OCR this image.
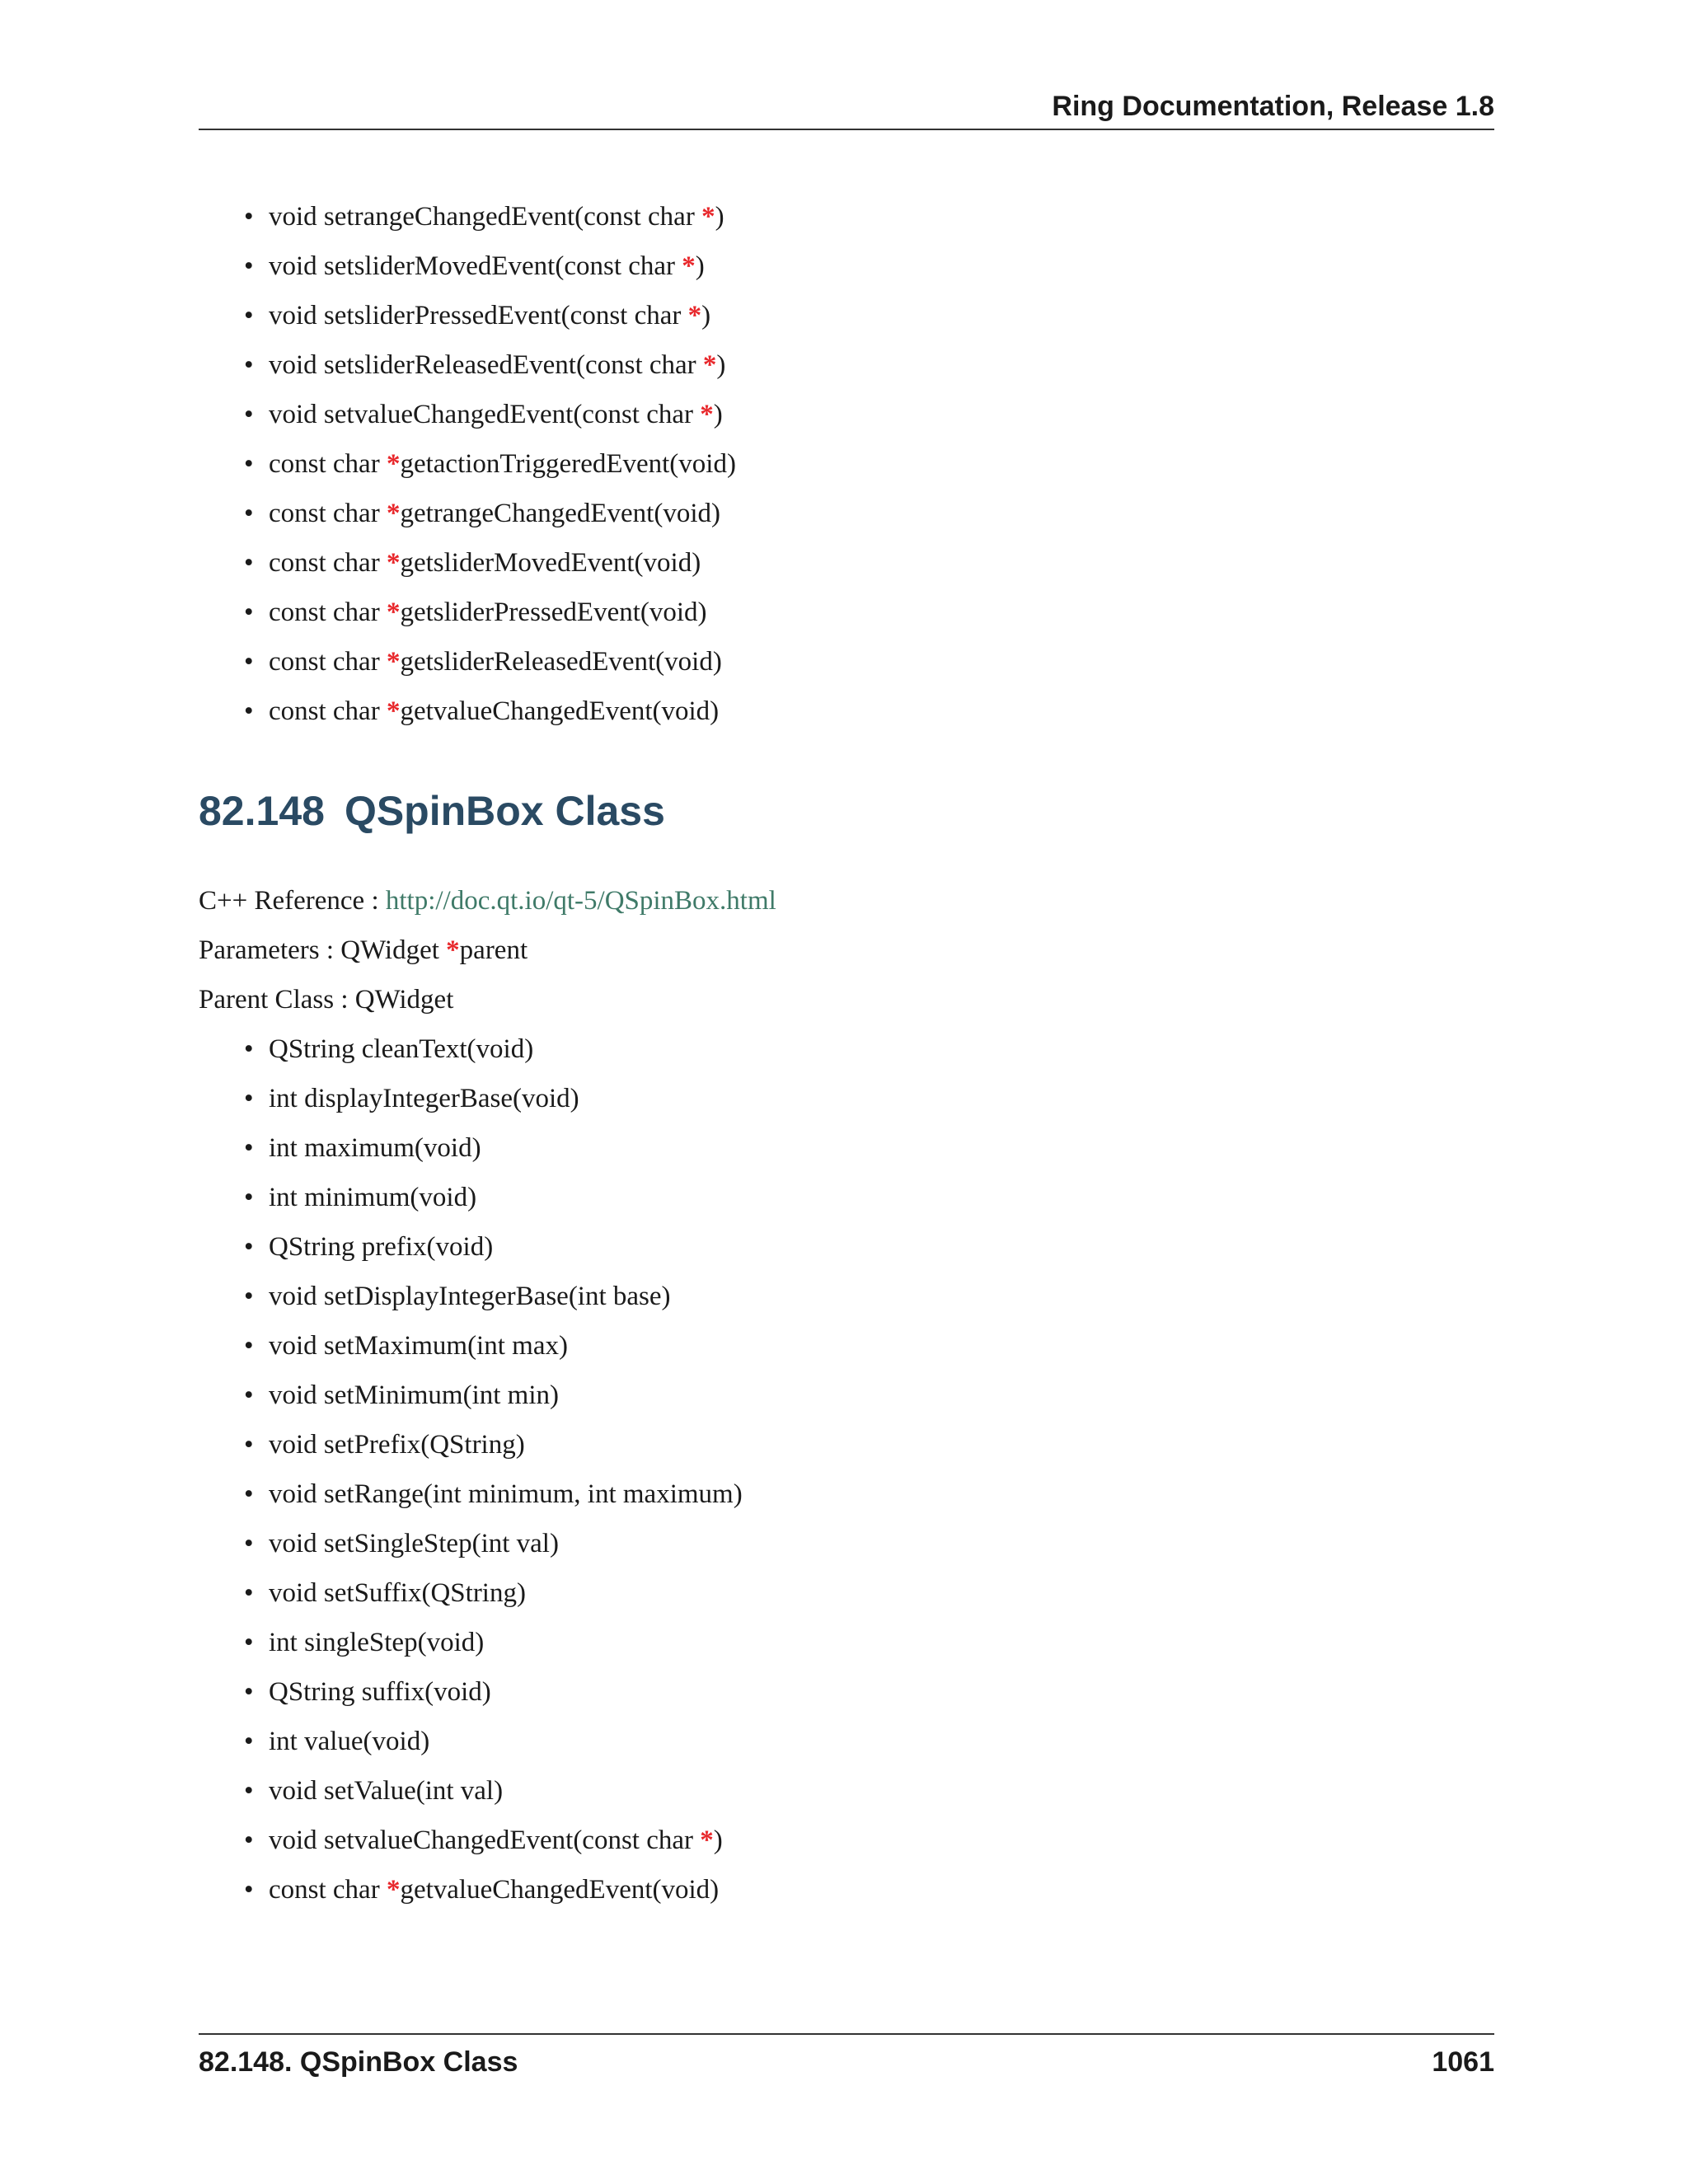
Ring Documentation, Release 1.8
• void setrangeChangedEvent(const char *)
• void setsliderMovedEvent(const char *)
• void setsliderPressedEvent(const char *)
• void setsliderReleasedEvent(const char *)
• void setvalueChangedEvent(const char *)
• const char *getactionTriggeredEvent(void)
• const char *getrangeChangedEvent(void)
• const char *getsliderMovedEvent(void)
• const char *getsliderPressedEvent(void)
• const char *getsliderReleasedEvent(void)
• const char *getvalueChangedEvent(void)
82.148 QSpinBox Class

C++ Reference : http://doc.qt.io/qt-5/QSpinBox.html

Parameters : QWidget *parent

Parent Class : QWidget

• QString cleanText(void)
• int displayIntegerBase(void)
• int maximum(void)
• int minimum(void)
• QString prefix(void)
• void setDisplayIntegerBase(int base)
• void setMaximum(int max)
• void setMinimum(int min)
• void setPrefix(QString)
• void setRange(int minimum, int maximum)
• void setSingleStep(int val)
• void setSuffix(QString)
• int singleStep(void)
• QString suffix(void)
• int value(void)
• void setValue(int val)
• void setvalueChangedEvent(const char *)
• const char *getvalueChangedEvent(void)
82.148. QSpinBox Class	1061
